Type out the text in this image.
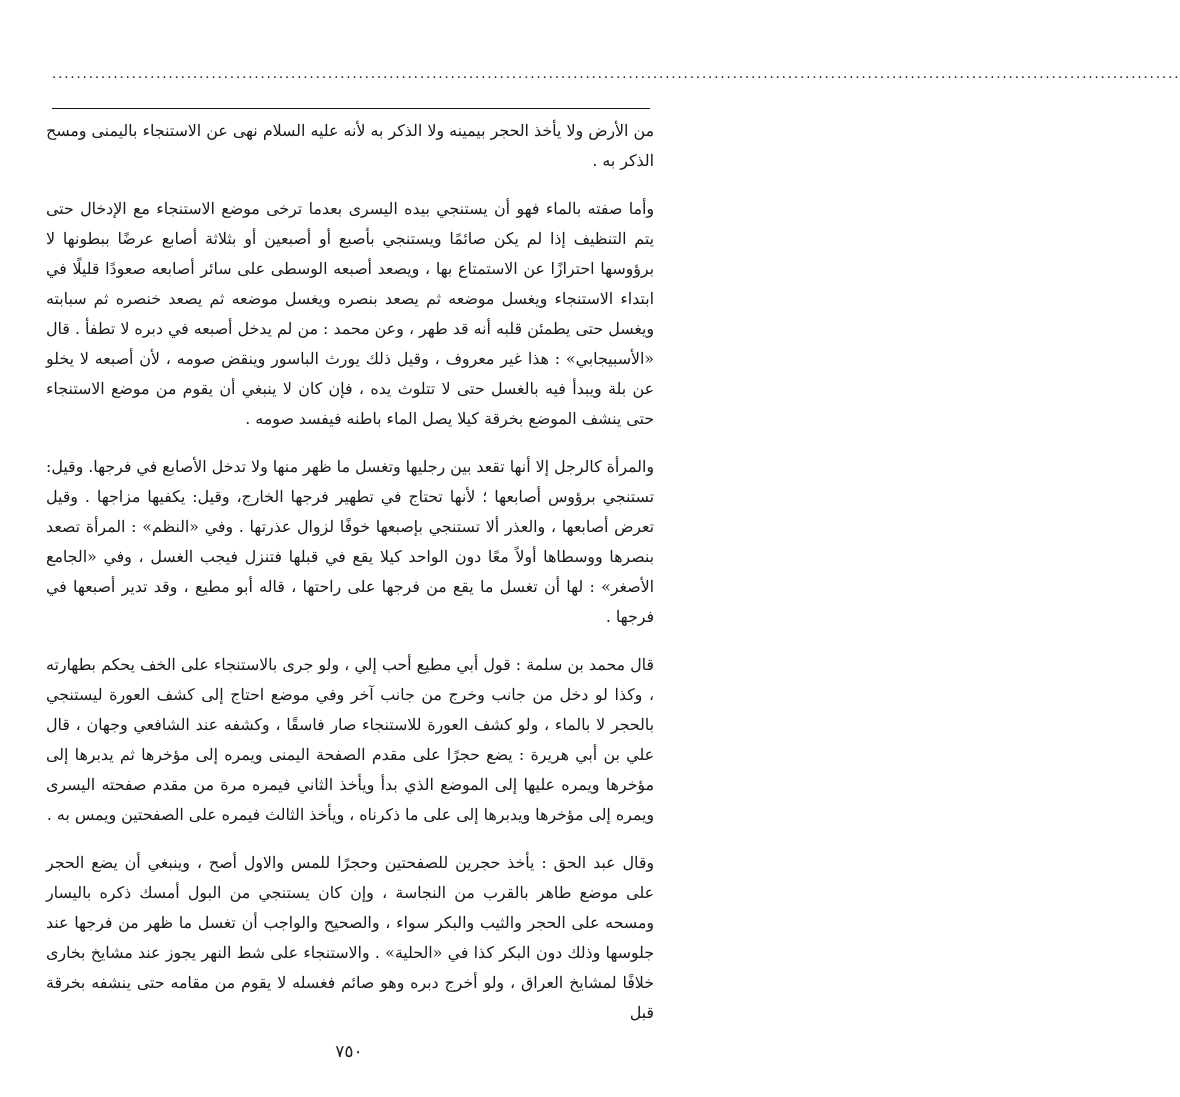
........................................................................................................................................................................................

من الأرض ولا يأخذ الحجر بيمينه ولا الذكر به لأنه عليه السلام نهى عن الاستنجاء باليمنى ومسح الذكر به .

وأما صفته بالماء فهو أن يستنجي بيده اليسرى بعدما ترخى موضع الاستنجاء مع الإدخال حتى يتم التنظيف إذا لم يكن صائمًا ويستنجي بأصبع أو أصبعين أو بثلاثة أصابع عرضًا ببطونها لا برؤوسها احترازًا عن الاستمتاع بها ، ويصعد أصبعه الوسطى على سائر أصابعه صعودًا قليلًا في ابتداء الاستنجاء ويغسل موضعه ثم يصعد بنصره ويغسل موضعه ثم يصعد خنصره ثم سبابته ويغسل حتى يطمئن قلبه أنه قد طهر ، وعن محمد : من لم يدخل أصبعه في دبره لا تطفأ . قال «الأسبيجابي» : هذا غير معروف ، وقيل ذلك يورث الباسور وينقض صومه ، لأن أصبعه لا يخلو عن بلة ويبدأ فيه بالغسل حتى لا تتلوث يده ، فإن كان لا ينبغي أن يقوم من موضع الاستنجاء حتى ينشف الموضع بخرقة كيلا يصل الماء باطنه فيفسد صومه .

والمرأة كالرجل إلا أنها تقعد بين رجليها وتغسل ما ظهر منها ولا تدخل الأصابع في فرجها. وقيل: تستنجي برؤوس أصابعها ؛ لأنها تحتاج في تطهير فرجها الخارج، وقيل: يكفيها مزاجها . وقيل تعرض أصابعها ، والعذر ألا تستنجي بإصبعها خوفًا لزوال عذرتها . وفي «النظم» : المرأة تصعد بنصرها ووسطاها أولاً معًا دون الواحد كيلا يقع في قبلها فتنزل فيجب الغسل ، وفي «الجامع الأصغر» : لها أن تغسل ما يقع من فرجها على راحتها ، قاله أبو مطيع ، وقد تدير أصبعها في فرجها .

قال محمد بن سلمة : قول أبي مطيع أحب إلي ، ولو جرى بالاستنجاء على الخف يحكم بطهارته ، وكذا لو دخل من جانب وخرج من جانب آخر وفي موضع احتاج إلى كشف العورة ليستنجي بالحجر لا بالماء ، ولو كشف العورة للاستنجاء صار فاسقًا ، وكشفه عند الشافعي وجهان ، قال علي بن أبي هريرة : يضع حجرًا على مقدم الصفحة اليمنى ويمره إلى مؤخرها ثم يدبرها إلى مؤخرها ويمره عليها إلى الموضع الذي بدأ ويأخذ الثاني فيمره مرة من مقدم صفحته اليسرى ويمره إلى مؤخرها ويدبرها إلى على ما ذكرناه ، ويأخذ الثالث فيمره على الصفحتين ويمس به .

وقال عبد الحق : يأخذ حجرين للصفحتين وحجرًا للمس والاول أصح ، وينبغي أن يضع الحجر على موضع طاهر بالقرب من النجاسة ، وإن كان يستنجي من البول أمسك ذكره باليسار ومسحه على الحجر والثيب والبكر سواء ، والصحيح والواجب أن تغسل ما ظهر من فرجها عند جلوسها وذلك دون البكر كذا في «الحلية» . والاستنجاء على شط النهر يجوز عند مشايخ بخارى خلافًا لمشايخ العراق ، ولو أخرج دبره وهو صائم فغسله لا يقوم من مقامه حتى ينشفه بخرقة قبل

٧٥٠
